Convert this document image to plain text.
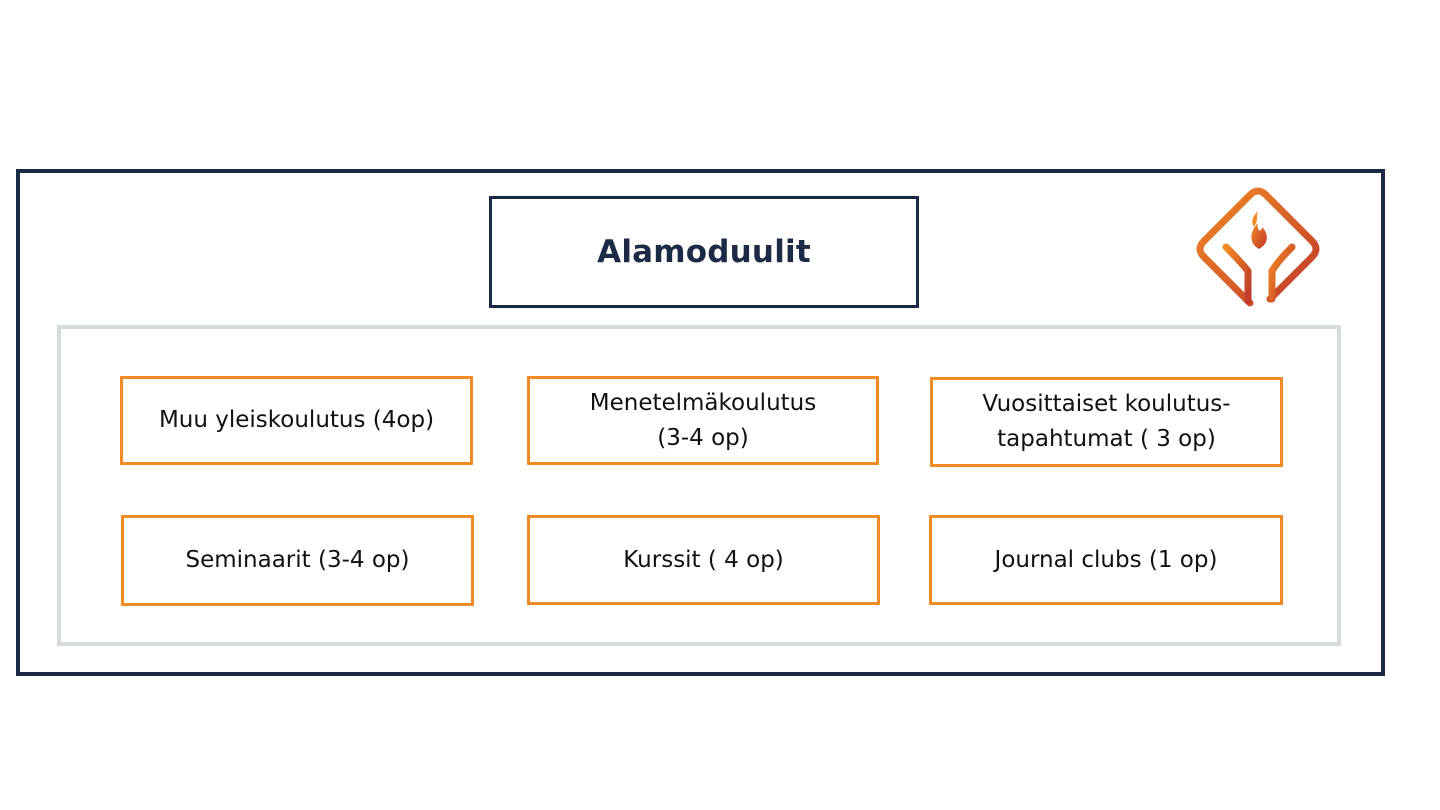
Alamoduulit
Muu yleiskoulutus (4op)
Menetelmäkoulutus
(3-4 op)
Vuosittaiset koulutus-
tapahtumat ( 3 op)
Seminaarit (3-4 op)	Kurssit ( 4 op)	Journal clubs (1 op)
